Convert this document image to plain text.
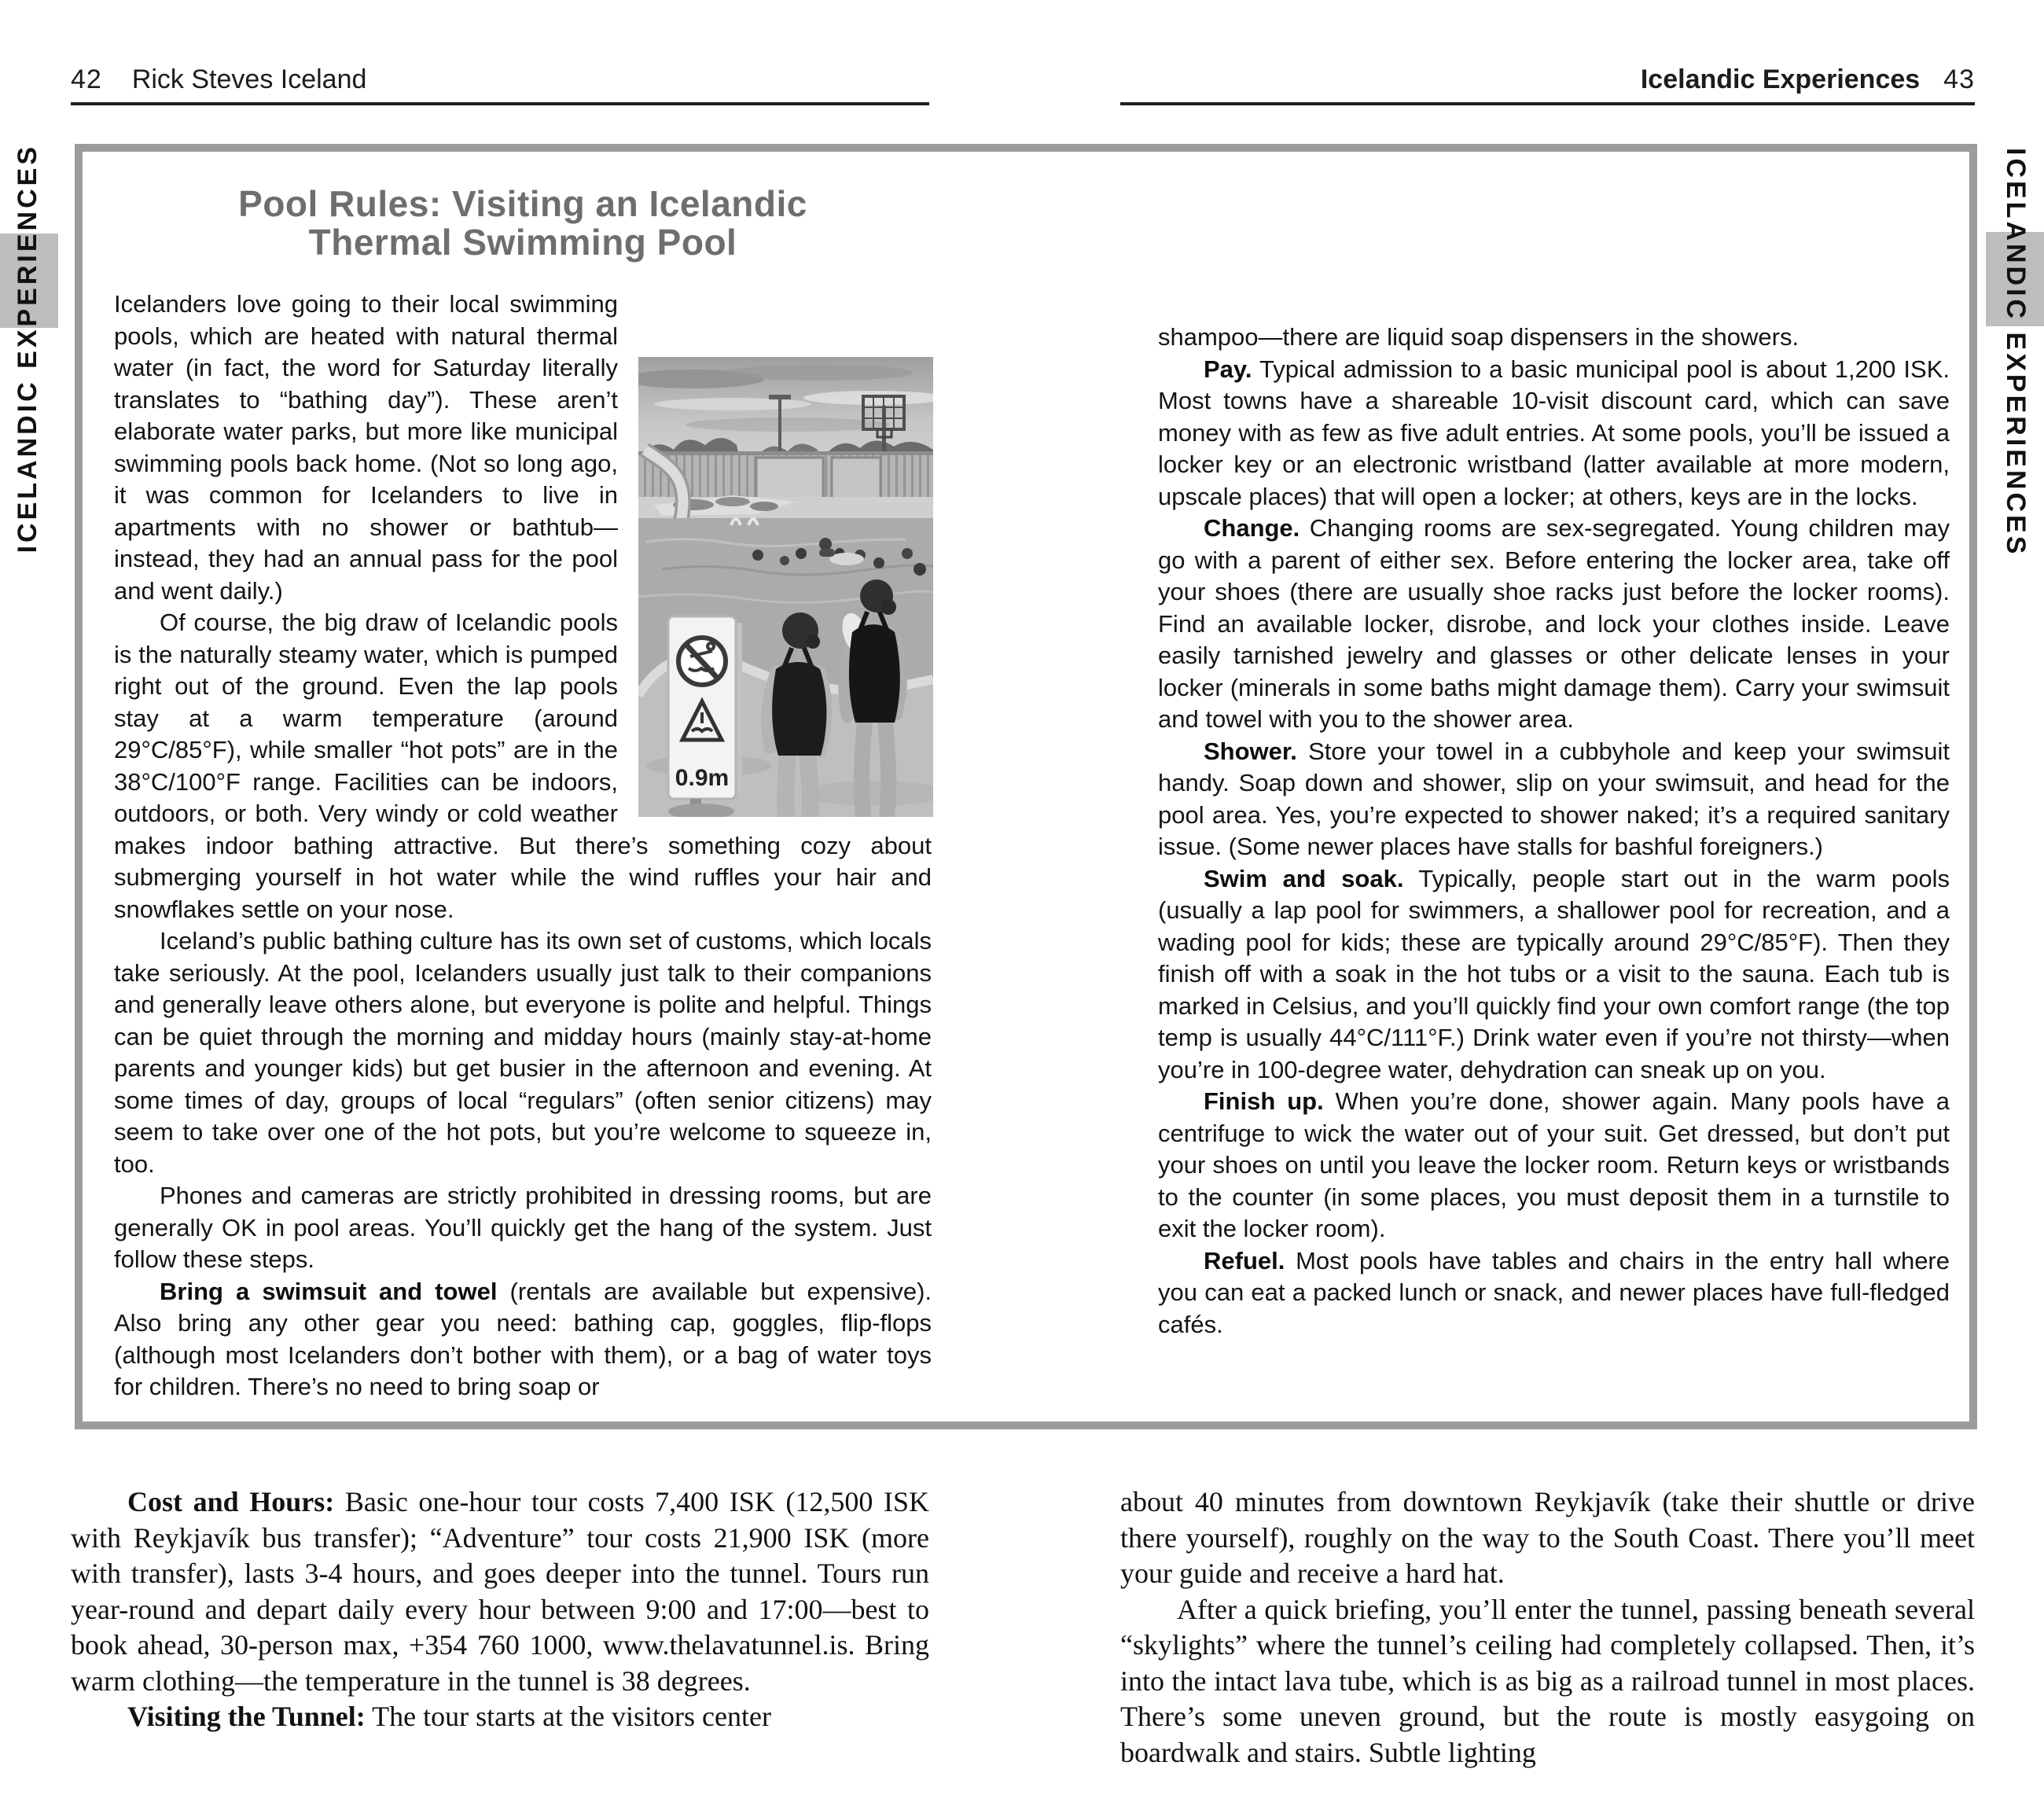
42 Rick Steves Iceland	Icelandic Experiences 43
ICELANDIC EXPERIENCES	ICELANDIC EXPERIENCES
Pool Rules: Visiting an Icelandic
Thermal Swimming Pool
0.9m

Icelanders love going to their local swimming pools, which are heated with natural thermal water (in fact, the word for Saturday literally translates to “bathing day”). These aren’t elaborate water parks, but more like municipal swimming pools back home. (Not so long ago, it was common for Icelanders to live in apartments with no shower or bathtub—instead, they had an annual pass for the pool and went daily.)

Of course, the big draw of Icelandic pools is the naturally steamy water, which is pumped right out of the ground. Even the lap pools stay at a warm temperature (around 29°C/85°F), while smaller “hot pots” are in the 38°C/100°F range. Facilities can be indoors, outdoors, or both. Very windy or cold weather makes indoor bathing attractive. But there’s something cozy about submerging yourself in hot water while the wind ruffles your hair and snowflakes settle on your nose.

Iceland’s public bathing culture has its own set of customs, which locals take seriously. At the pool, Icelanders usually just talk to their companions and generally leave others alone, but everyone is polite and helpful. Things can be quiet through the morning and midday hours (mainly stay-at-home parents and younger kids) but get busier in the afternoon and evening. At some times of day, groups of local “regulars” (often senior citizens) may seem to take over one of the hot pots, but you’re welcome to squeeze in, too.

Phones and cameras are strictly prohibited in dressing rooms, but are generally OK in pool areas. You’ll quickly get the hang of the system. Just follow these steps.

Bring a swimsuit and towel (rentals are available but expensive). Also bring any other gear you need: bathing cap, goggles, flip-flops (although most Icelanders don’t bother with them), or a bag of water toys for children. There’s no need to bring soap or

shampoo—there are liquid soap dispensers in the showers.

Pay. Typical admission to a basic municipal pool is about 1,200 ISK. Most towns have a shareable 10-visit discount card, which can save money with as few as five adult entries. At some pools, you’ll be issued a locker key or an electronic wristband (latter available at more modern, upscale places) that will open a locker; at others, keys are in the locks.

Change. Changing rooms are sex-segregated. Young children may go with a parent of either sex. Before entering the locker area, take off your shoes (there are usually shoe racks just before the locker rooms). Find an available locker, disrobe, and lock your clothes inside. Leave easily tarnished jewelry and glasses or other delicate lenses in your locker (minerals in some baths might damage them). Carry your swimsuit and towel with you to the shower area.

Shower. Store your towel in a cubbyhole and keep your swimsuit handy. Soap down and shower, slip on your swimsuit, and head for the pool area. Yes, you’re expected to shower naked; it’s a required sanitary issue. (Some newer places have stalls for bashful foreigners.)

Swim and soak. Typically, people start out in the warm pools (usually a lap pool for swimmers, a shallower pool for recreation, and a wading pool for kids; these are typically around 29°C/85°F). Then they finish off with a soak in the hot tubs or a visit to the sauna. Each tub is marked in Celsius, and you’ll quickly find your own comfort range (the top temp is usually 44°C/111°F.) Drink water even if you’re not thirsty—when you’re in 100-degree water, dehydration can sneak up on you.

Finish up. When you’re done, shower again. Many pools have a centrifuge to wick the water out of your suit. Get dressed, but don’t put your shoes on until you leave the locker room. Return keys or wristbands to the counter (in some places, you must deposit them in a turnstile to exit the locker room).

Refuel. Most pools have tables and chairs in the entry hall where you can eat a packed lunch or snack, and newer places have full-fledged cafés.

Cost and Hours: Basic one-hour tour costs 7,400 ISK (12,500 ISK with Reykjavík bus transfer); “Adventure” tour costs 21,900 ISK (more with transfer), lasts 3-4 hours, and goes deeper into the tunnel. Tours run year-round and depart daily every hour between 9:00 and 17:00—best to book ahead, 30-person max, +354 760 1000, www.thelavatunnel.is. Bring warm clothing—the temperature in the tunnel is 38 degrees.

Visiting the Tunnel: The tour starts at the visitors center

about 40 minutes from downtown Reykjavík (take their shuttle or drive there yourself), roughly on the way to the South Coast. There you’ll meet your guide and receive a hard hat.

After a quick briefing, you’ll enter the tunnel, passing beneath several “skylights” where the tunnel’s ceiling had completely collapsed. Then, it’s into the intact lava tube, which is as big as a railroad tunnel in most places. There’s some uneven ground, but the route is mostly easygoing on boardwalk and stairs. Subtle lighting
